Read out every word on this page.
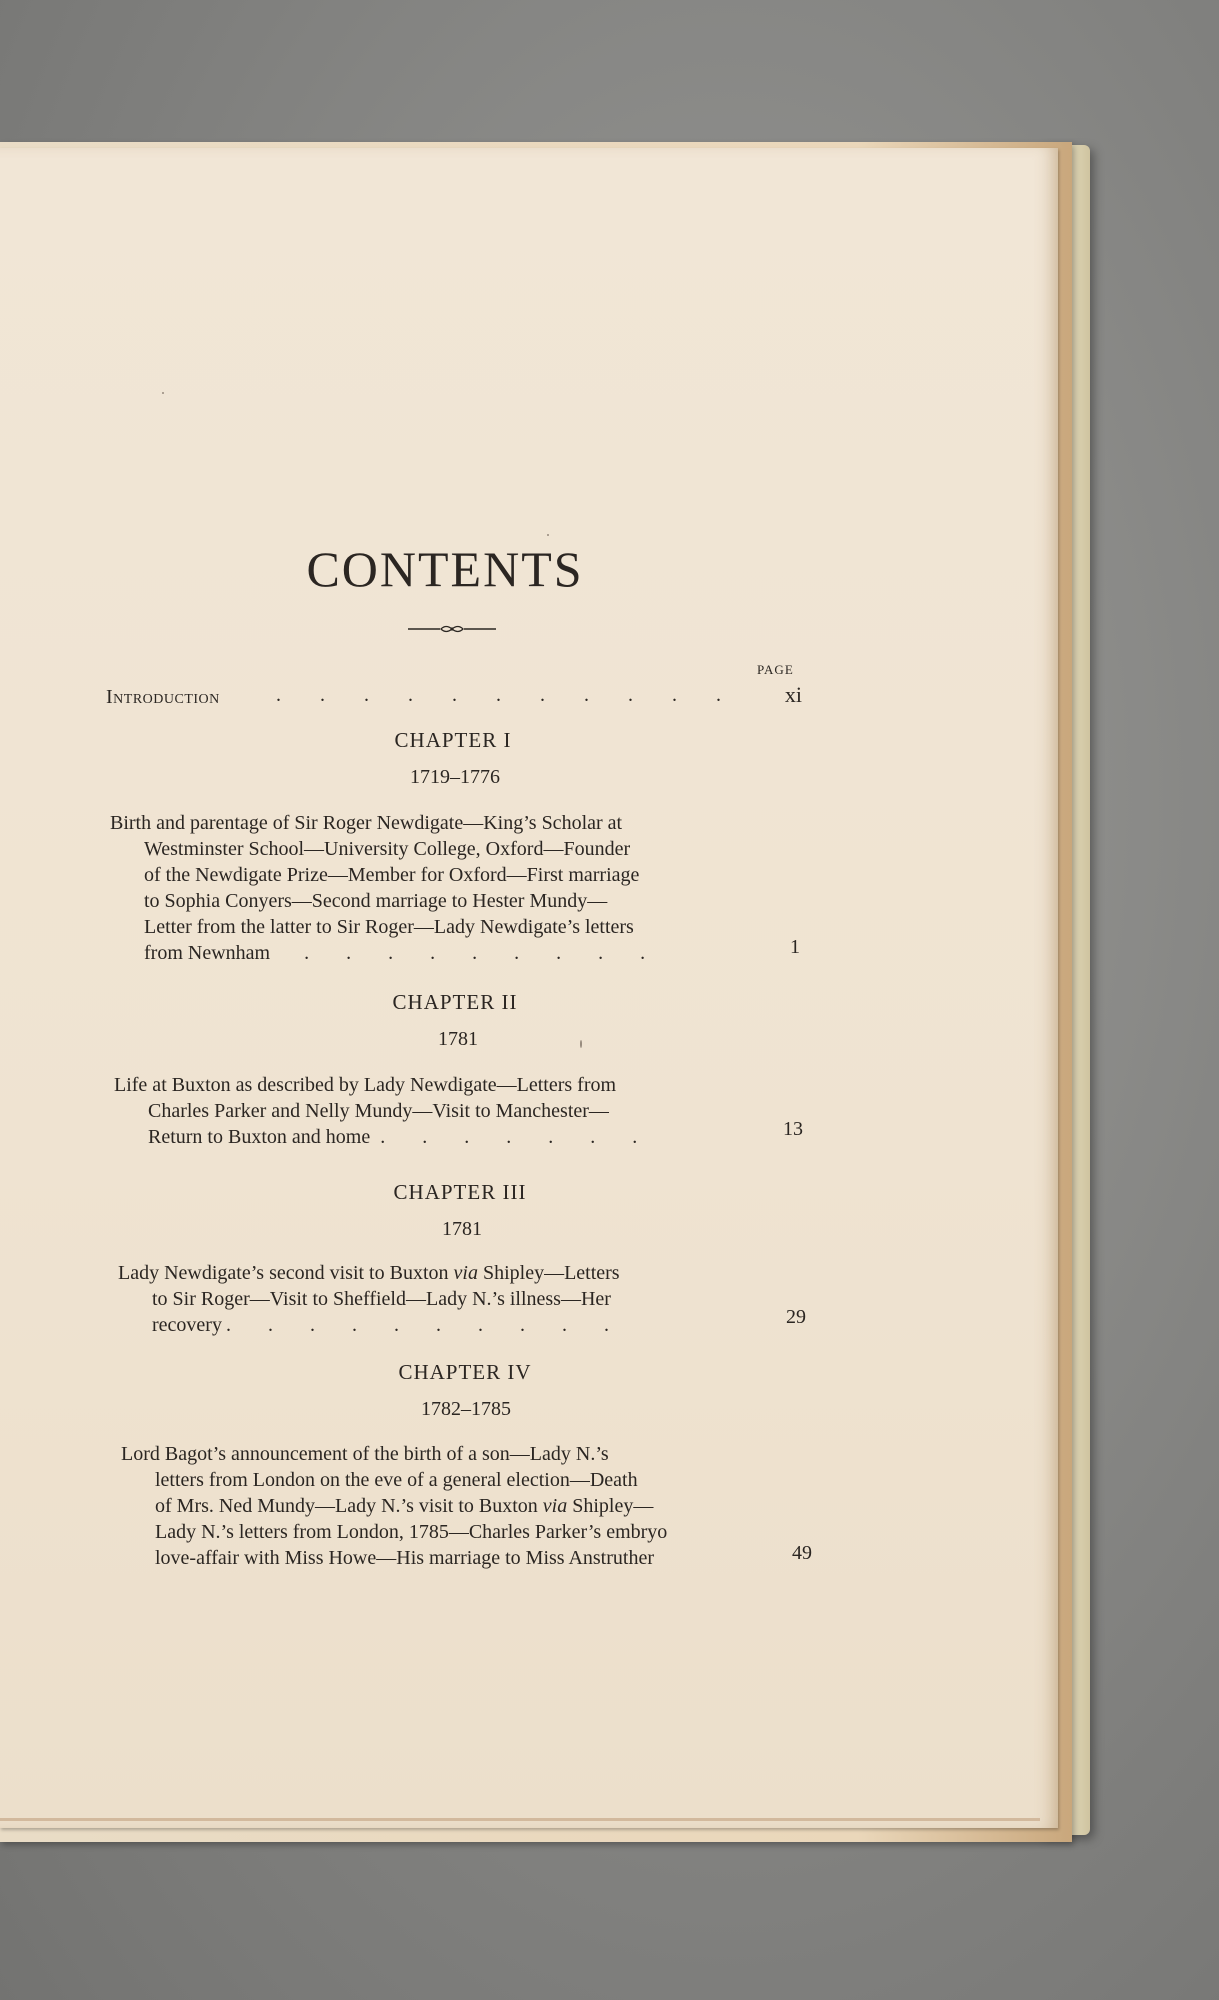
CONTENTS
PAGE
Introduction	. . . . . . . . . . . xi
CHAPTER I
1719–1776

Birth and parentage of Sir Roger Newdigate—King’s Scholar at

Westminster School—University College, Oxford—Founder

of the Newdigate Prize—Member for Oxford—First marriage

to Sophia Conyers—Second marriage to Hester Mundy—

Letter from the latter to Sir Roger—Lady Newdigate’s letters

from Newnham . . . . . . . . .	1
CHAPTER II
1781

Life at Buxton as described by Lady Newdigate—Letters from

Charles Parker and Nelly Mundy—Visit to Manchester—

Return to Buxton and home . . . . . . .	13
CHAPTER III
1781

Lady Newdigate’s second visit to Buxton via Shipley—Letters

to Sir Roger—Visit to Sheffield—Lady N.’s illness—Her

recovery . . . . . . . . . .	29
CHAPTER IV
1782–1785

Lord Bagot’s announcement of the birth of a son—Lady N.’s

letters from London on the eve of a general election—Death

of Mrs. Ned Mundy—Lady N.’s visit to Buxton via Shipley—

Lady N.’s letters from London, 1785—Charles Parker’s embryo

love-affair with Miss Howe—His marriage to Miss Anstruther	49
